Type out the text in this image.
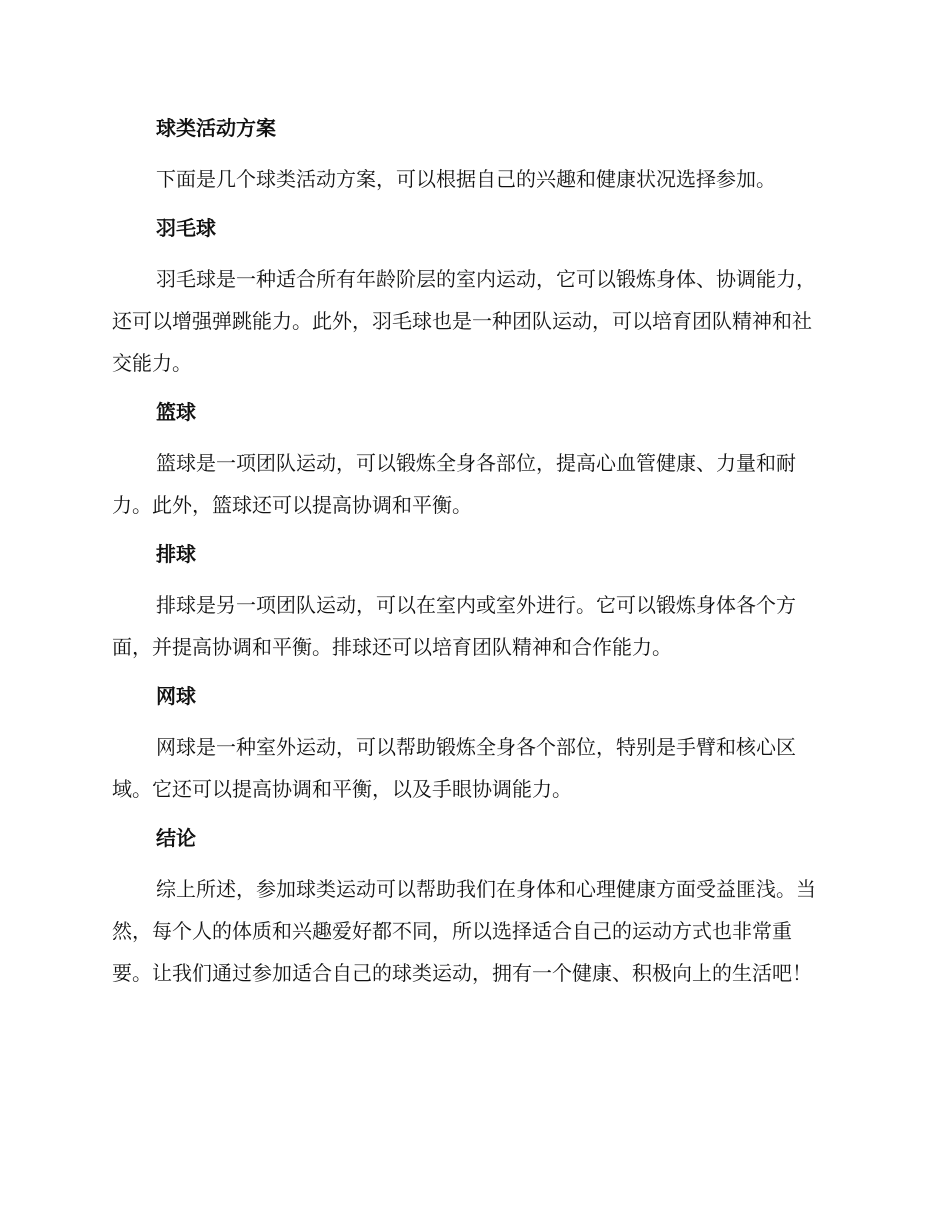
球类活动方案

下面是几个球类活动方案，可以根据自己的兴趣和健康状况选择参加。

羽毛球

羽毛球是一种适合所有年龄阶层的室内运动，它可以锻炼身体、协调能力，还可以增强弹跳能力。此外，羽毛球也是一种团队运动，可以培育团队精神和社交能力。

篮球

篮球是一项团队运动，可以锻炼全身各部位，提高心血管健康、力量和耐力。此外，篮球还可以提高协调和平衡。

排球

排球是另一项团队运动，可以在室内或室外进行。它可以锻炼身体各个方面，并提高协调和平衡。排球还可以培育团队精神和合作能力。

网球

网球是一种室外运动，可以帮助锻炼全身各个部位，特别是手臂和核心区域。它还可以提高协调和平衡，以及手眼协调能力。

结论

综上所述，参加球类运动可以帮助我们在身体和心理健康方面受益匪浅。当然，每个人的体质和兴趣爱好都不同，所以选择适合自己的运动方式也非常重要。让我们通过参加适合自己的球类运动，拥有一个健康、积极向上的生活吧！
